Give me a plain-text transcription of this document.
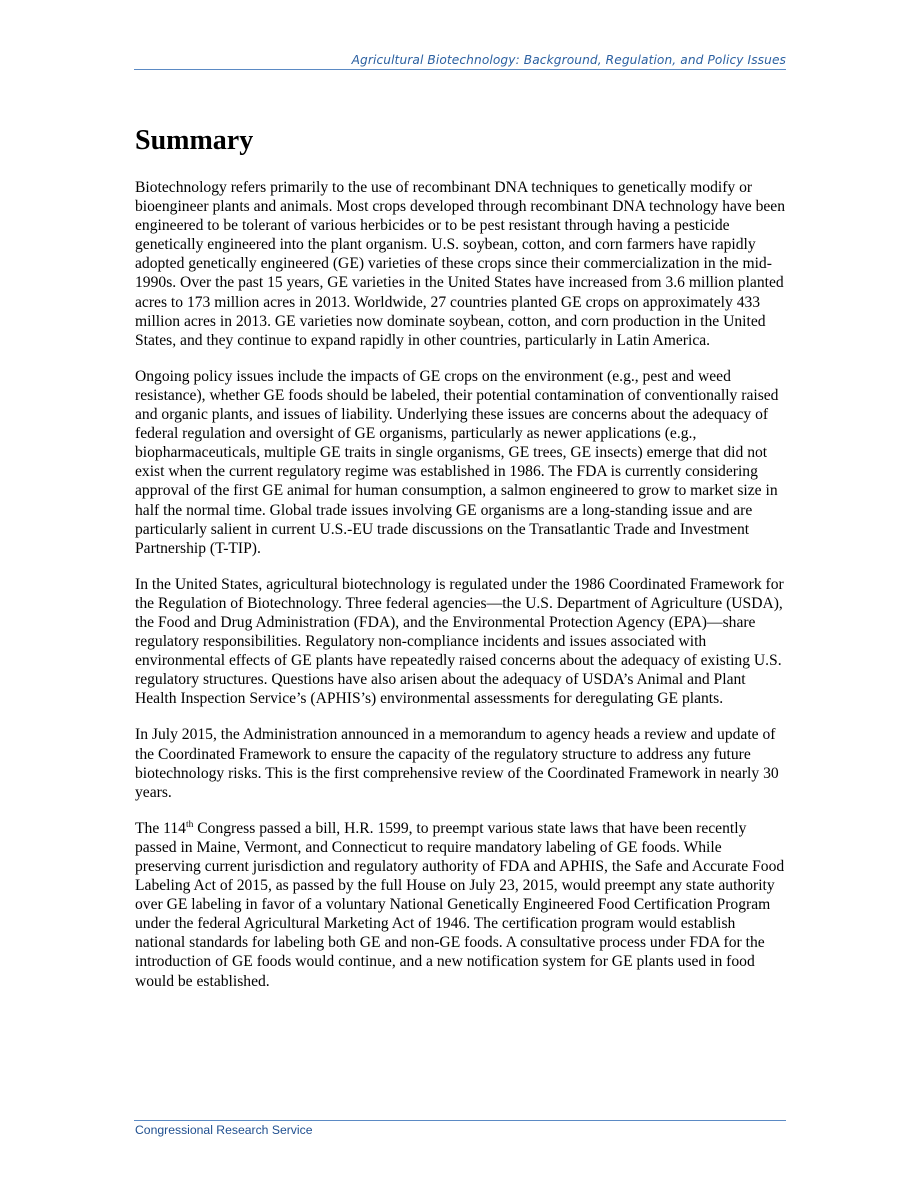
Agricultural Biotechnology: Background, Regulation, and Policy Issues
Summary

Biotechnology refers primarily to the use of recombinant DNA techniques to genetically modify or bioengineer plants and animals. Most crops developed through recombinant DNA technology have been engineered to be tolerant of various herbicides or to be pest resistant through having a pesticide genetically engineered into the plant organism. U.S. soybean, cotton, and corn farmers have rapidly adopted genetically engineered (GE) varieties of these crops since their commercialization in the mid-1990s. Over the past 15 years, GE varieties in the United States have increased from 3.6 million planted acres to 173 million acres in 2013. Worldwide, 27 countries planted GE crops on approximately 433 million acres in 2013. GE varieties now dominate soybean, cotton, and corn production in the United States, and they continue to expand rapidly in other countries, particularly in Latin America.

Ongoing policy issues include the impacts of GE crops on the environment (e.g., pest and weed resistance), whether GE foods should be labeled, their potential contamination of conventionally raised and organic plants, and issues of liability. Underlying these issues are concerns about the adequacy of federal regulation and oversight of GE organisms, particularly as newer applications (e.g., biopharmaceuticals, multiple GE traits in single organisms, GE trees, GE insects) emerge that did not exist when the current regulatory regime was established in 1986. The FDA is currently considering approval of the first GE animal for human consumption, a salmon engineered to grow to market size in half the normal time. Global trade issues involving GE organisms are a long-standing issue and are particularly salient in current U.S.-EU trade discussions on the Transatlantic Trade and Investment Partnership (T-TIP).

In the United States, agricultural biotechnology is regulated under the 1986 Coordinated Framework for the Regulation of Biotechnology. Three federal agencies—the U.S. Department of Agriculture (USDA), the Food and Drug Administration (FDA), and the Environmental Protection Agency (EPA)—share regulatory responsibilities. Regulatory non-compliance incidents and issues associated with environmental effects of GE plants have repeatedly raised concerns about the adequacy of existing U.S. regulatory structures. Questions have also arisen about the adequacy of USDA’s Animal and Plant Health Inspection Service’s (APHIS’s) environmental assessments for deregulating GE plants.

In July 2015, the Administration announced in a memorandum to agency heads a review and update of the Coordinated Framework to ensure the capacity of the regulatory structure to address any future biotechnology risks. This is the first comprehensive review of the Coordinated Framework in nearly 30 years.

The 114th Congress passed a bill, H.R. 1599, to preempt various state laws that have been recently passed in Maine, Vermont, and Connecticut to require mandatory labeling of GE foods. While preserving current jurisdiction and regulatory authority of FDA and APHIS, the Safe and Accurate Food Labeling Act of 2015, as passed by the full House on July 23, 2015, would preempt any state authority over GE labeling in favor of a voluntary National Genetically Engineered Food Certification Program under the federal Agricultural Marketing Act of 1946. The certification program would establish national standards for labeling both GE and non-GE foods. A consultative process under FDA for the introduction of GE foods would continue, and a new notification system for GE plants used in food would be established.

Congressional Research Service
